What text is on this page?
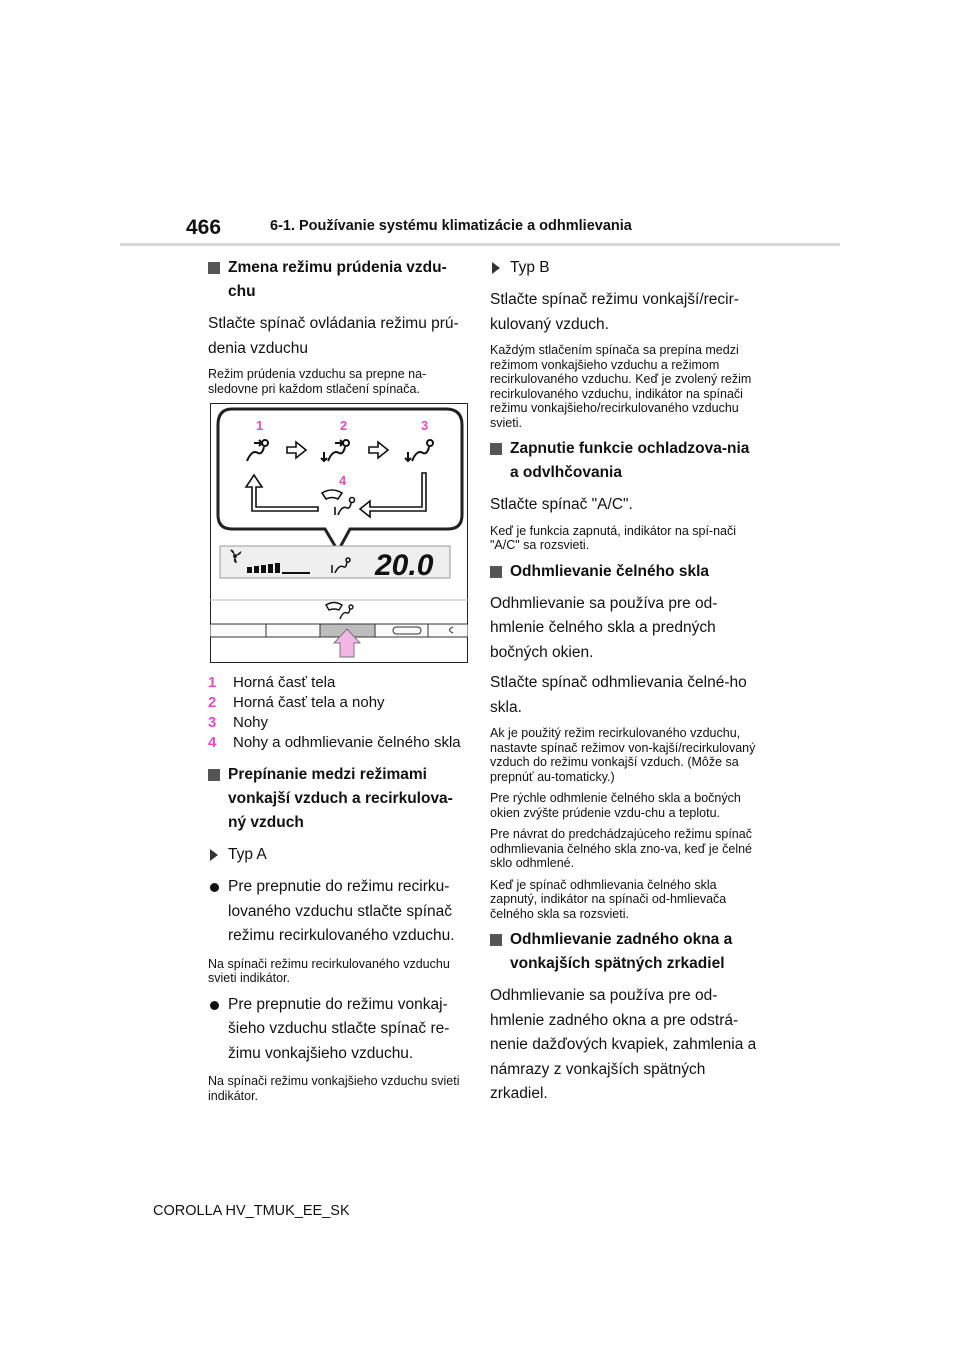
466	6-1. Používanie systému klimatizácie a odhmlievania
Zmena režimu prúdenia vzdu-chu

Stlačte spínač ovládania režimu prú-denia vzduchu

Režim prúdenia vzduchu sa prepne na-sledovne pri každom stlačení spínača.

1	2	3
4
20.0
1	Horná časť tela
2	Horná časť tela a nohy
3	Nohy
4	Nohy a odhmlievanie čelného skla
Prepínanie medzi režimami vonkajší vzduch a recirkulova-ný vzduch
Typ A
Pre prepnutie do režimu recirku-lovaného vzduchu stlačte spínač režimu recirkulovaného vzduchu.

Na spínači režimu recirkulovaného vzduchu svieti indikátor.

Pre prepnutie do režimu vonkaj-šieho vzduchu stlačte spínač re-žimu vonkajšieho vzduchu.

Na spínači režimu vonkajšieho vzduchu svieti indikátor.

Typ B

Stlačte spínač režimu vonkajší/recir-kulovaný vzduch.

Každým stlačením spínača sa prepína medzi režimom vonkajšieho vzduchu a režimom recirkulovaného vzduchu. Keď je zvolený režim recirkulovaného vzduchu, indikátor na spínači režimu vonkajšieho/recirkulovaného vzduchu svieti.

Zapnutie funkcie ochladzova-nia a odvlhčovania

Stlačte spínač "A/C".

Keď je funkcia zapnutá, indikátor na spí-nači "A/C" sa rozsvieti.

Odhmlievanie čelného skla

Odhmlievanie sa používa pre od-hmlenie čelného skla a predných bočných okien.

Stlačte spínač odhmlievania čelné-ho skla.

Ak je použitý režim recirkulovaného vzduchu, nastavte spínač režimov von-kajší/recirkulovaný vzduch do režimu vonkajší vzduch. (Môže sa prepnúť au-tomaticky.)

Pre rýchle odhmlenie čelného skla a bočných okien zvýšte prúdenie vzdu-chu a teplotu.

Pre návrat do predchádzajúceho režimu spínač odhmlievania čelného skla zno-va, keď je čelné sklo odhmlené.

Keď je spínač odhmlievania čelného skla zapnutý, indikátor na spínači od-hmlievača čelného skla sa rozsvieti.

Odhmlievanie zadného okna a vonkajších spätných zrkadiel

Odhmlievanie sa používa pre od-hmlenie zadného okna a pre odstrá-nenie dažďových kvapiek, zahmlenia a námrazy z vonkajších spätných zrkadiel.

COROLLA HV_TMUK_EE_SK
